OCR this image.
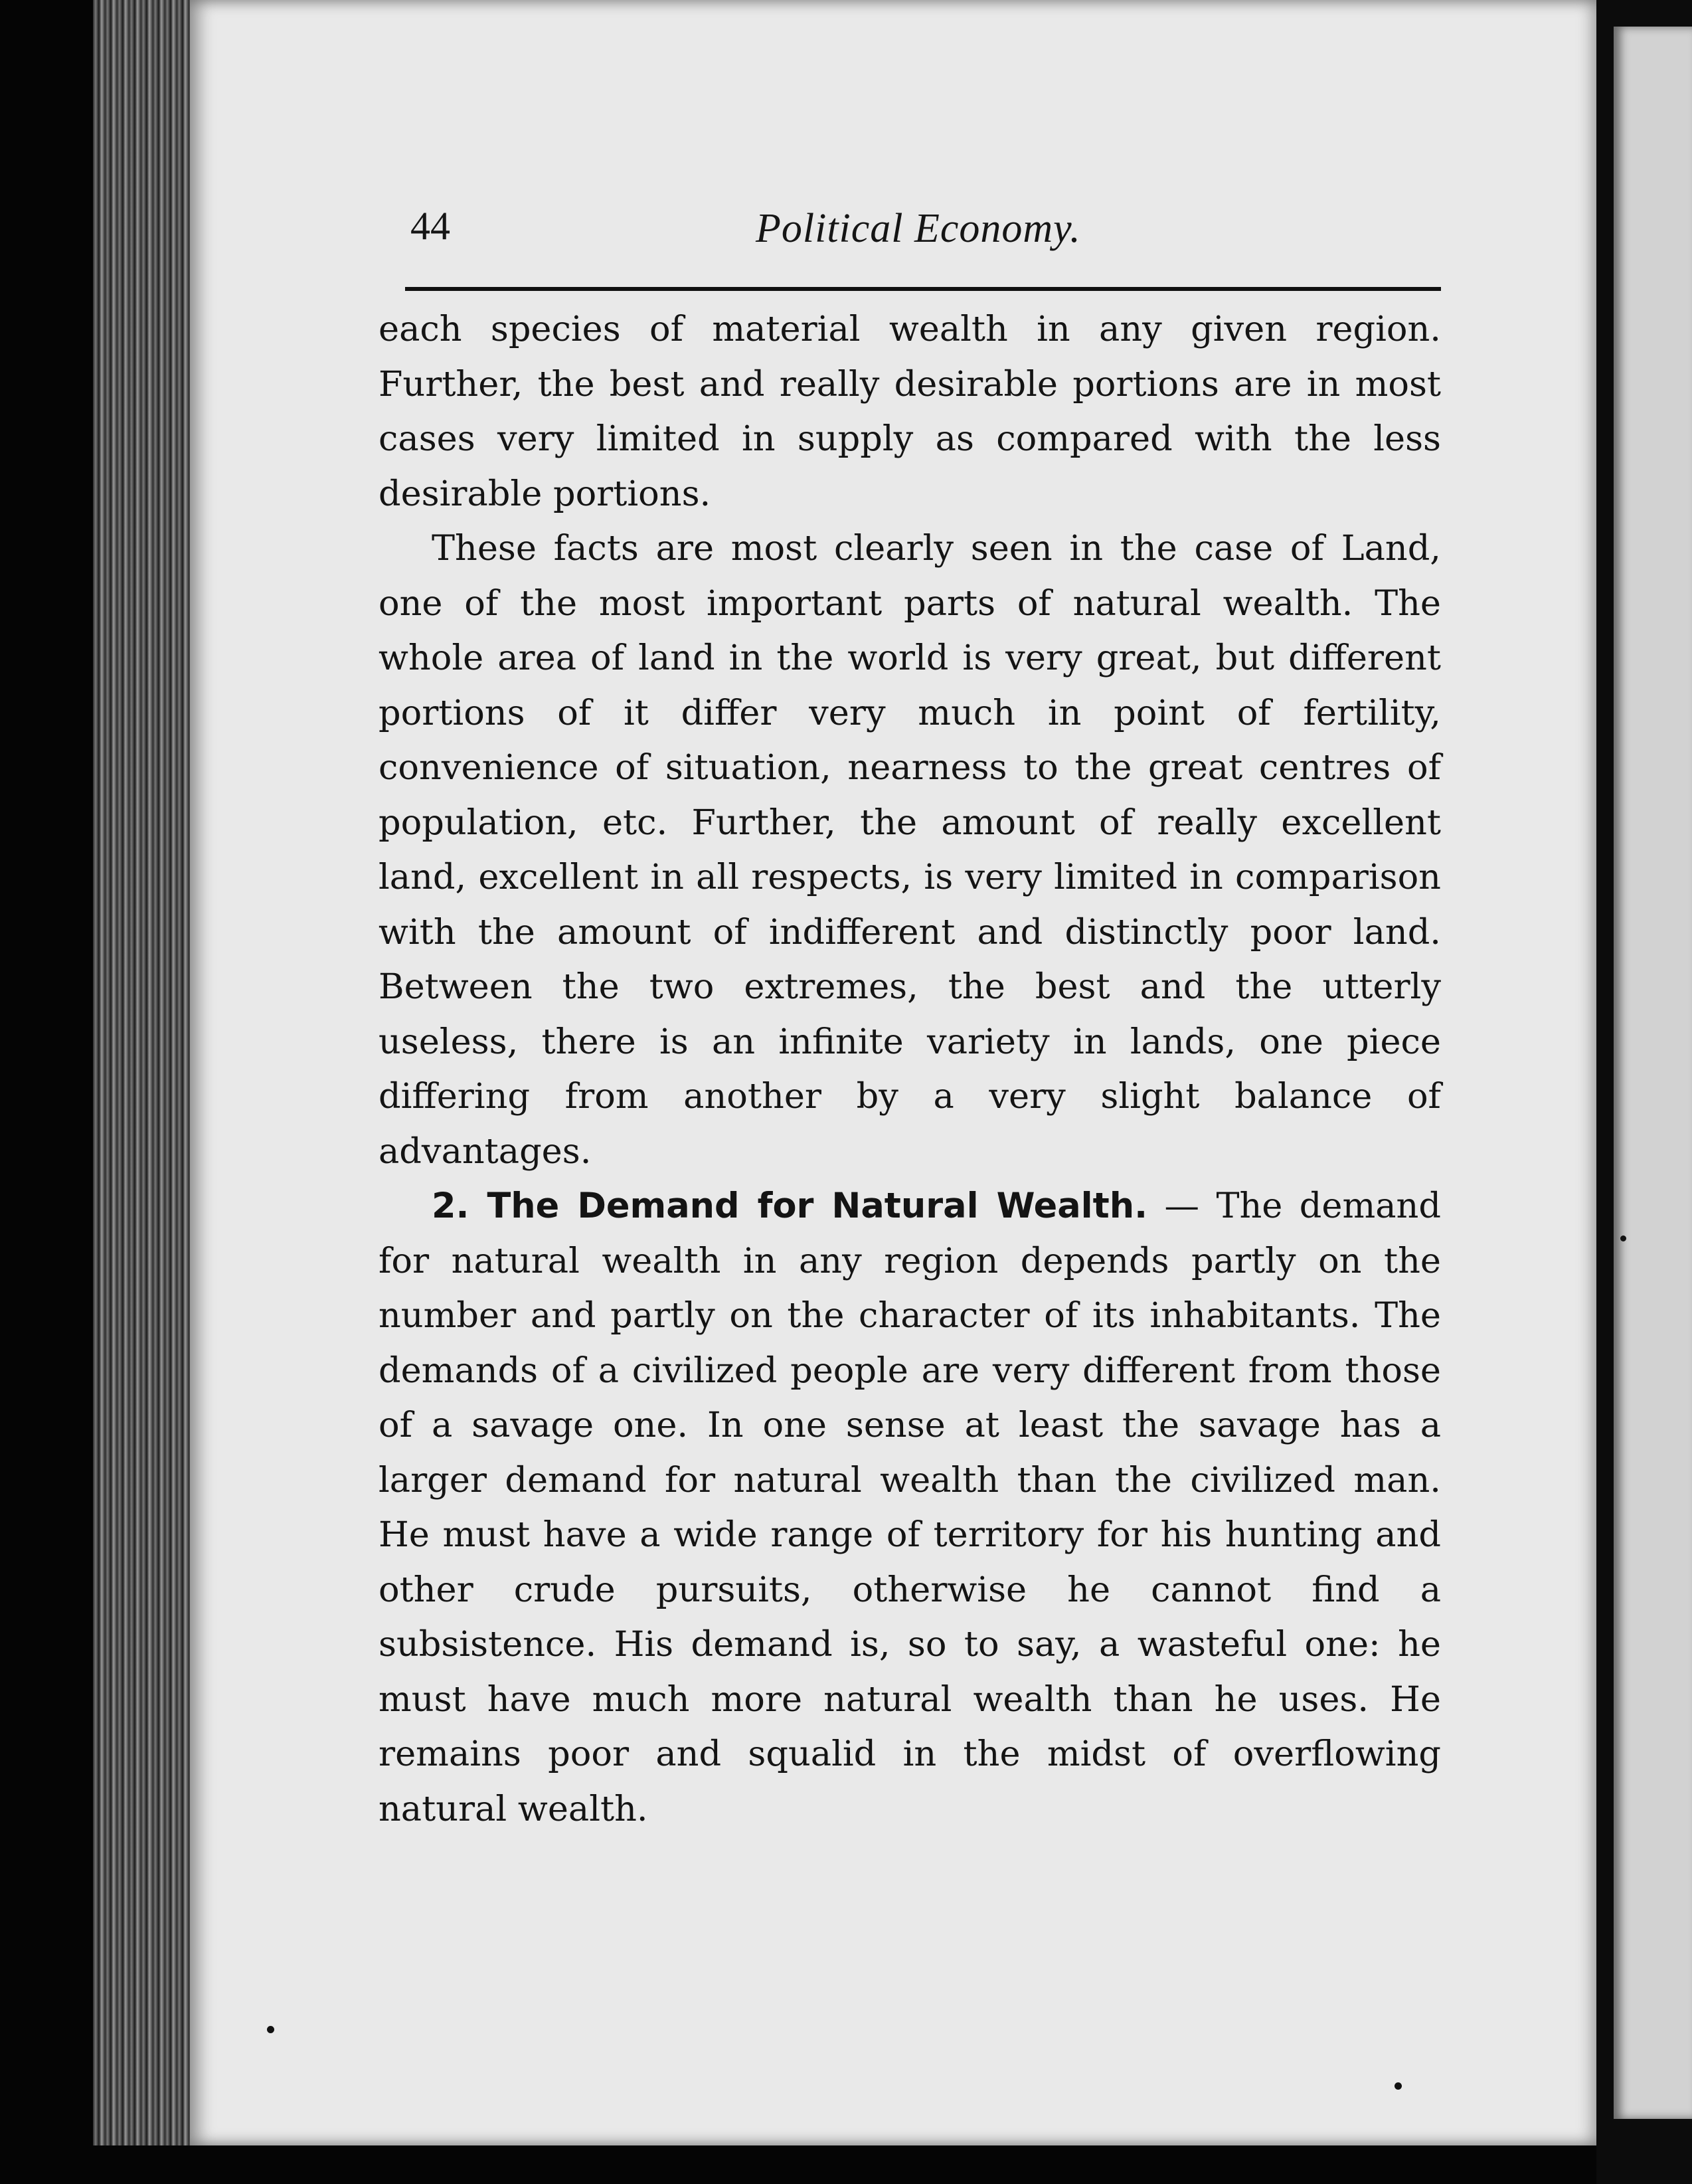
44	Political Economy.

each species of material wealth in any given region. Further, the best and really desirable portions are in most cases very limited in supply as compared with the less desirable portions.

These facts are most clearly seen in the case of Land, one of the most important parts of natural wealth. The whole area of land in the world is very great, but different portions of it differ very much in point of fertility, convenience of situation, nearness to the great centres of population, etc. Further, the amount of really excellent land, excellent in all respects, is very limited in comparison with the amount of indifferent and distinctly poor land. Between the two extremes, the best and the utterly useless, there is an infinite variety in lands, one piece differing from another by a very slight balance of advantages.

2. The Demand for Natural Wealth. — The demand for natural wealth in any region depends partly on the number and partly on the character of its inhabitants. The demands of a civilized people are very different from those of a savage one. In one sense at least the savage has a larger demand for natural wealth than the civilized man. He must have a wide range of territory for his hunting and other crude pursuits, otherwise he cannot find a subsistence. His demand is, so to say, a wasteful one: he must have much more natural wealth than he uses. He remains poor and squalid in the midst of overflowing natural wealth.
